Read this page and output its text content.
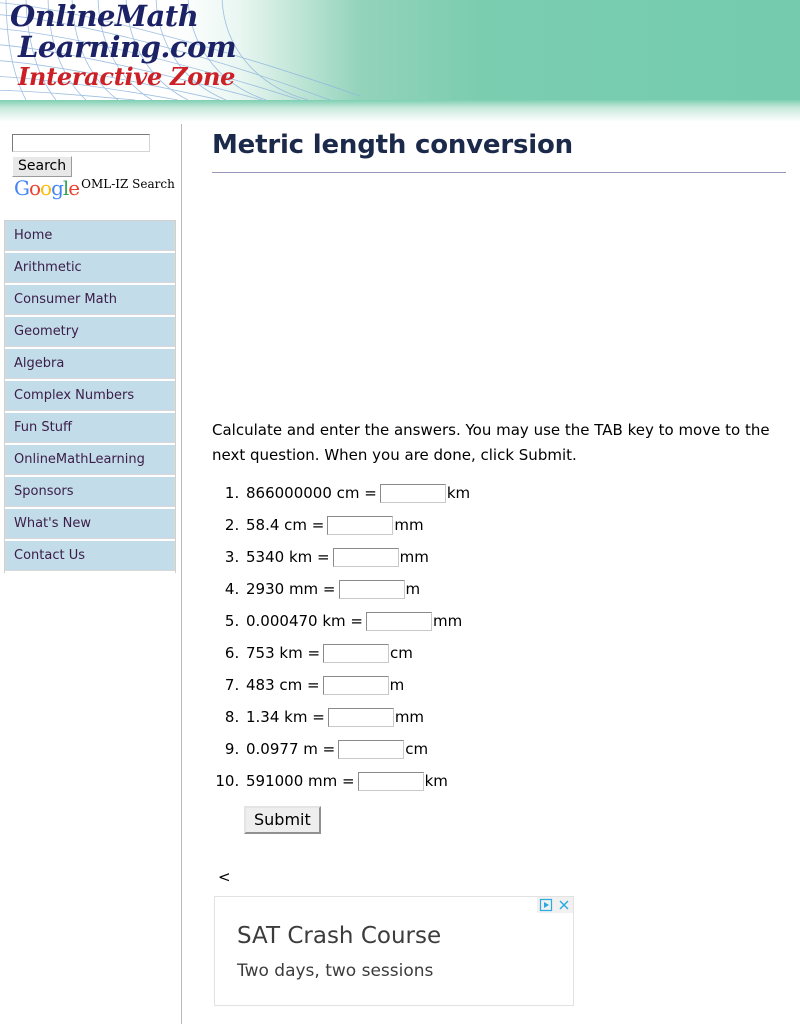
OnlineMath
Learning.com
Interactive Zone
Search
Google OML-IZ Search
Home
Arithmetic
Consumer Math
Geometry
Algebra
Complex Numbers
Fun Stuff
OnlineMathLearning
Sponsors
What's New
Contact Us
Metric length conversion

Calculate and enter the answers. You may use the TAB key to move to the next question. When you are done, click Submit.

1. 866000000 cm =	km
2. 58.4 cm =	mm
3. 5340 km =	mm
4. 2930 mm =	m
5. 0.000470 km =	mm
6. 753 km =	cm
7. 483 cm =	m
8. 1.34 km =	mm
9. 0.0977 m =	cm
10. 591000 mm =	km
Submit
<

SAT Crash Course
Two days, two sessions
